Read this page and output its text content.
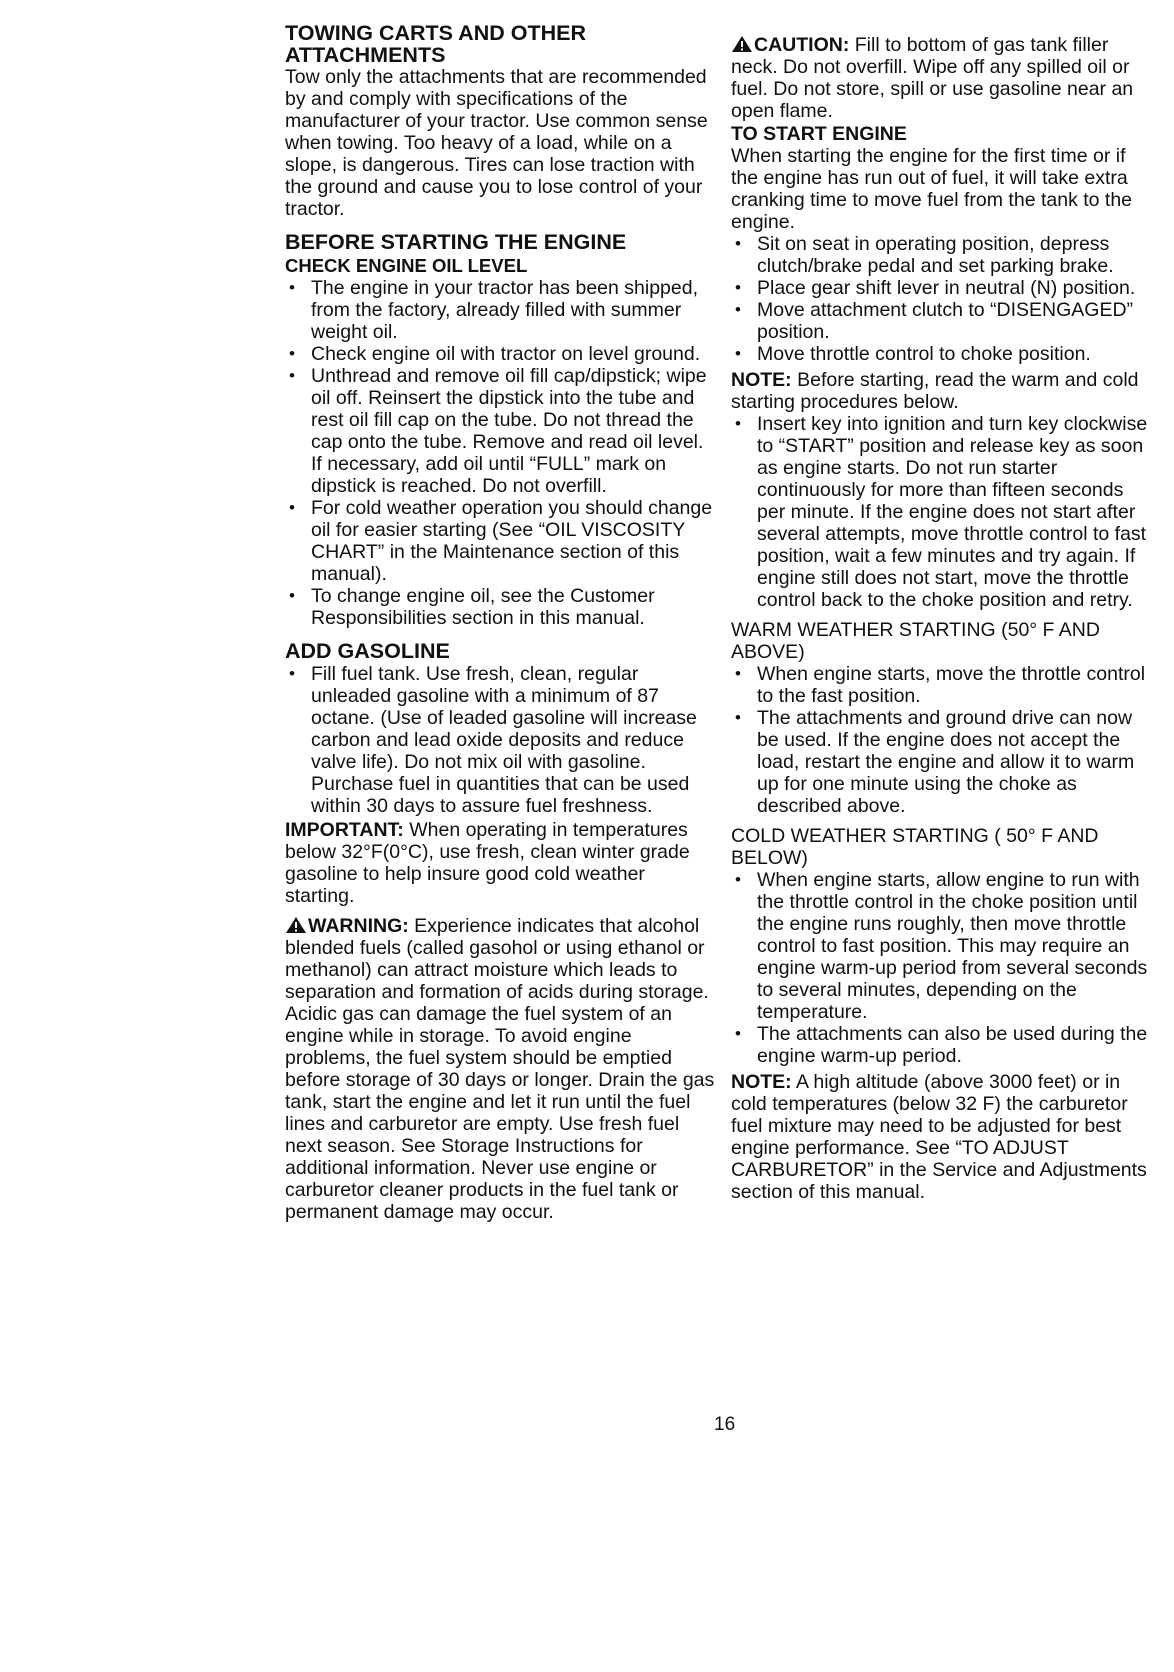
TOWING CARTS AND OTHER
ATTACHMENTS

Tow only the attachments that are recommended by and comply with specifications of the manufacturer of your tractor. Use common sense when towing. Too heavy of a load, while on a slope, is dangerous. Tires can lose traction with the ground and cause you to lose control of your tractor.

BEFORE STARTING THE ENGINE
CHECK ENGINE OIL LEVEL
• The engine in your tractor has been shipped, from the factory, already filled with summer weight oil.
• Check engine oil with tractor on level ground.
• Unthread and remove oil fill cap/dipstick; wipe oil off. Reinsert the dipstick into the tube and rest oil fill cap on the tube. Do not thread the cap onto the tube. Remove and read oil level. If necessary, add oil until “FULL” mark on dipstick is reached. Do not overfill.
• For cold weather operation you should change oil for easier starting (See “OIL VISCOSITY CHART” in the Maintenance section of this manual).
• To change engine oil, see the Customer Responsibilities section in this manual.
ADD GASOLINE
• Fill fuel tank. Use fresh, clean, regular unleaded gasoline with a minimum of 87 octane. (Use of leaded gasoline will increase carbon and lead oxide deposits and reduce valve life). Do not mix oil with gasoline. Purchase fuel in quantities that can be used within 30 days to assure fuel freshness.

IMPORTANT: When operating in temperatures below 32°F(0°C), use fresh, clean winter grade gasoline to help insure good cold weather starting.

WARNING: Experience indicates that alcohol blended fuels (called gasohol or using ethanol or methanol) can attract moisture which leads to separation and formation of acids during storage. Acidic gas can damage the fuel system of an engine while in storage. To avoid engine problems, the fuel system should be emptied before storage of 30 days or longer. Drain the gas tank, start the engine and let it run until the fuel lines and carburetor are empty. Use fresh fuel next season. See Storage Instructions for additional information. Never use engine or carburetor cleaner products in the fuel tank or permanent damage may occur.

CAUTION: Fill to bottom of gas tank filler neck. Do not overfill. Wipe off any spilled oil or fuel. Do not store, spill or use gasoline near an open flame.

TO START ENGINE

When starting the engine for the first time or if the engine has run out of fuel, it will take extra cranking time to move fuel from the tank to the engine.

• Sit on seat in operating position, depress clutch/brake pedal and set parking brake.
• Place gear shift lever in neutral (N) position.
• Move attachment clutch to “DISENGAGED” position.
• Move throttle control to choke position.

NOTE: Before starting, read the warm and cold starting procedures below.

• Insert key into ignition and turn key clockwise to “START” position and release key as soon as engine starts. Do not run starter continuously for more than fifteen seconds per minute. If the engine does not start after several attempts, move throttle control to fast position, wait a few minutes and try again. If engine still does not start, move the throttle control back to the choke position and retry.

WARM WEATHER STARTING (50° F AND ABOVE)

• When engine starts, move the throttle control to the fast position.
• The attachments and ground drive can now be used. If the engine does not accept the load, restart the engine and allow it to warm up for one minute using the choke as described above.

COLD WEATHER STARTING ( 50° F AND BELOW)

• When engine starts, allow engine to run with the throttle control in the choke position until the engine runs roughly, then move throttle control to fast position. This may require an engine warm-up period from several seconds to several minutes, depending on the temperature.
• The attachments can also be used during the engine warm-up period.

NOTE: A high altitude (above 3000 feet) or in cold temperatures (below 32 F) the carburetor fuel mixture may need to be adjusted for best engine performance. See “TO ADJUST CARBURETOR” in the Service and Adjustments section of this manual.

16
